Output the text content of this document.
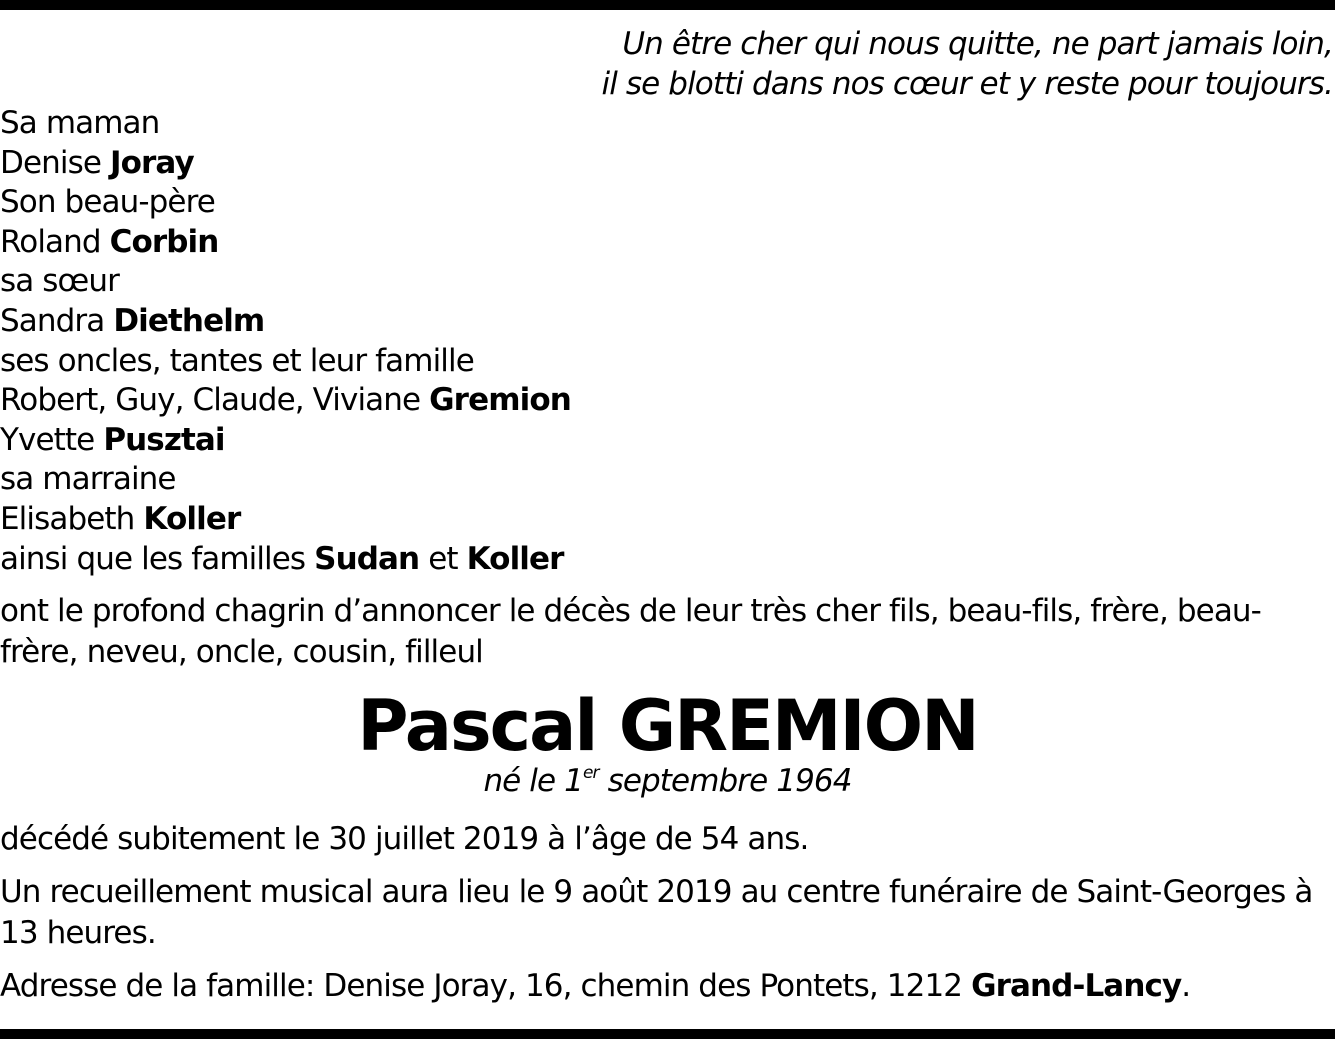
Un être cher qui nous quitte, ne part jamais loin,
il se blotti dans nos cœur et y reste pour toujours.
Sa maman
Denise Joray
Son beau-père
Roland Corbin
sa sœur
Sandra Diethelm
ses oncles, tantes et leur famille
Robert, Guy, Claude, Viviane Gremion
Yvette Pusztai
sa marraine
Elisabeth Koller
ainsi que les familles Sudan et Koller
ont le profond chagrin d’annoncer le décès de leur très cher fils, beau-fils, frère, beau-frère, neveu, oncle, cousin, filleul
Pascal GREMION
né le 1er septembre 1964
décédé subitement le 30 juillet 2019 à l’âge de 54 ans.
Un recueillement musical aura lieu le 9 août 2019 au centre funéraire de Saint-Georges à 13 heures.
Adresse de la famille: Denise Joray, 16, chemin des Pontets, 1212 Grand-Lancy.
